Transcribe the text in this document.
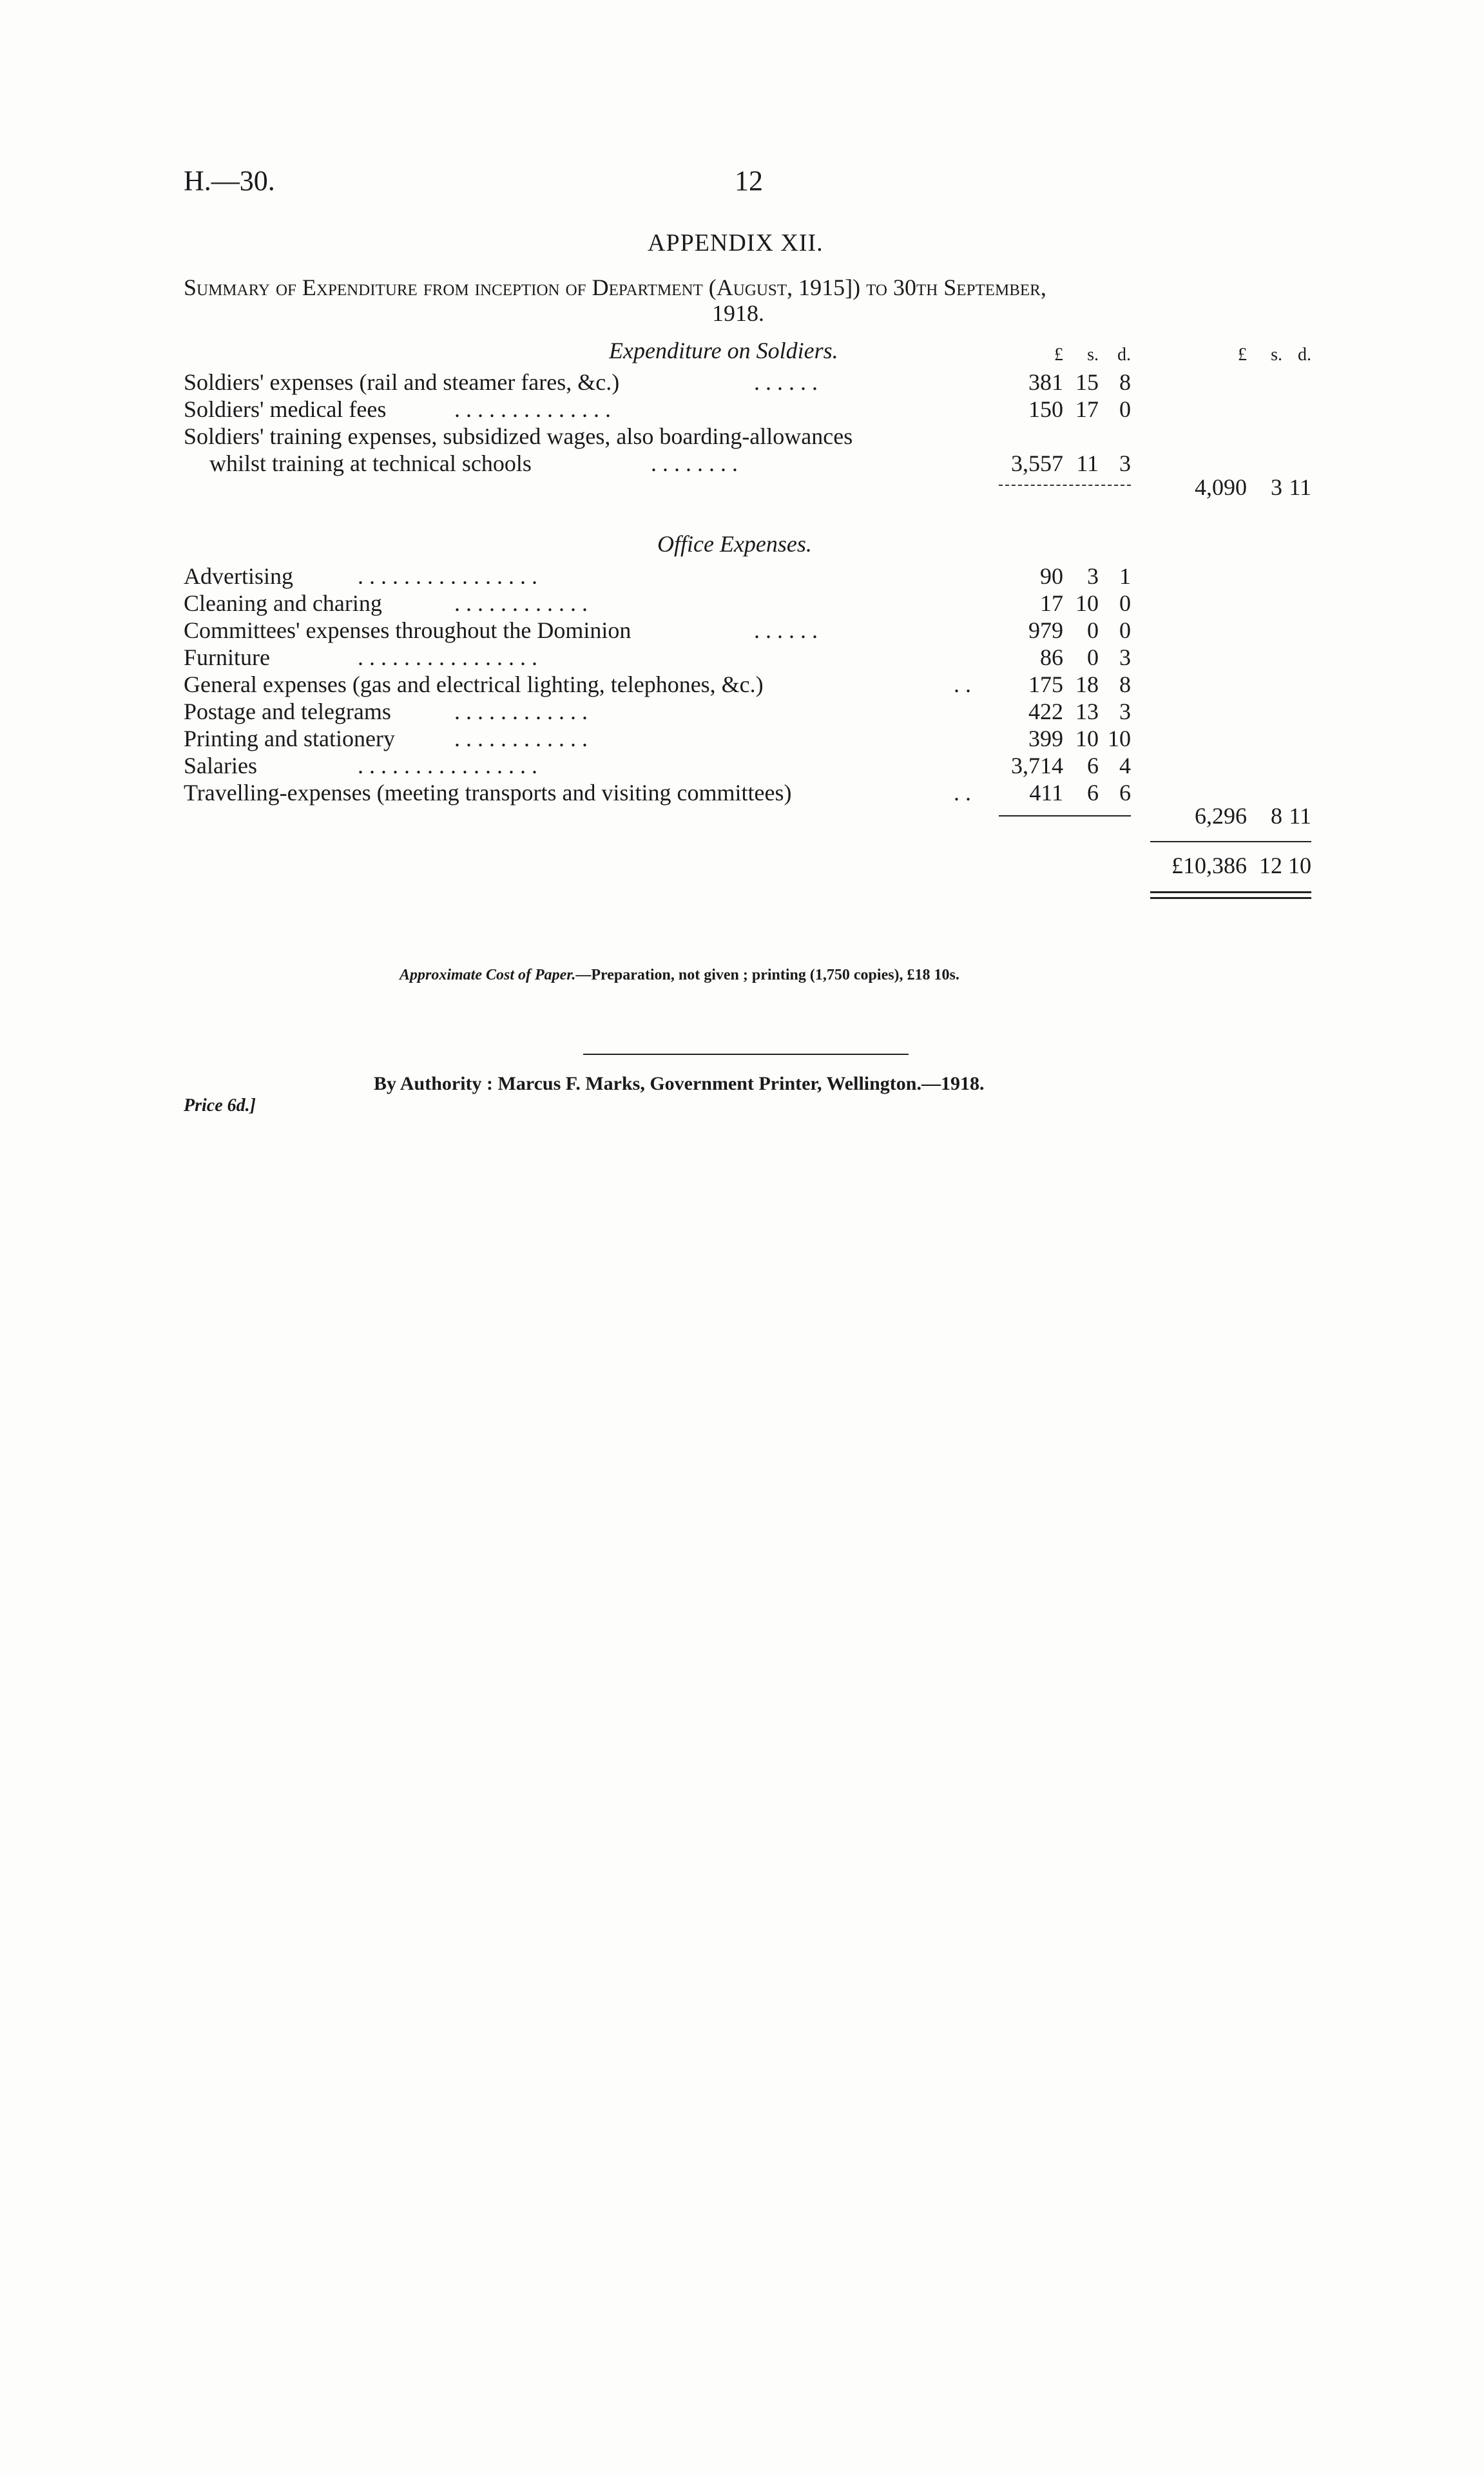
H.—30.	12
APPENDIX XII.
Summary of Expenditure from inception of Department (August, 1915]) to 30th September,
1918.
Expenditure on Soldiers.	£	s.	d.	£	s. d.
Soldiers' expenses (rail and steamer fares, &c.)	. . . . . .	381 15 8
Soldiers' medical fees	. . . . . . . . . . . . . .	150 17 0
Soldiers' training expenses, subsidized wages, also boarding-allowances
whilst training at technical schools	. . . . . . . .	3,557 11 3
4,090	3 11
Office Expenses.
Advertising	. . . . . . . . . . . . . . . .	90	3 1
Cleaning and charing	. . . . . . . . . . . .	17 10 0
Committees' expenses throughout the Dominion	. . . . . .	979	0 0
Furniture	. . . . . . . . . . . . . . . .	86	0 3
General expenses (gas and electrical lighting, telephones, &c.)	. .	175 18 8
Postage and telegrams	. . . . . . . . . . . .	422 13 3
Printing and stationery	. . . . . . . . . . . .	399 10 10
Salaries	. . . . . . . . . . . . . . . .	3,714	6 4
Travelling-expenses (meeting transports and visiting committees)	. .	411	6 6
6,296	8 11
£10,386 12 10
Approximate Cost of Paper.—Preparation, not given ; printing (1,750 copies), £18 10s.
By Authority : Marcus F. Marks, Government Printer, Wellington.—1918.
Price 6d.]
